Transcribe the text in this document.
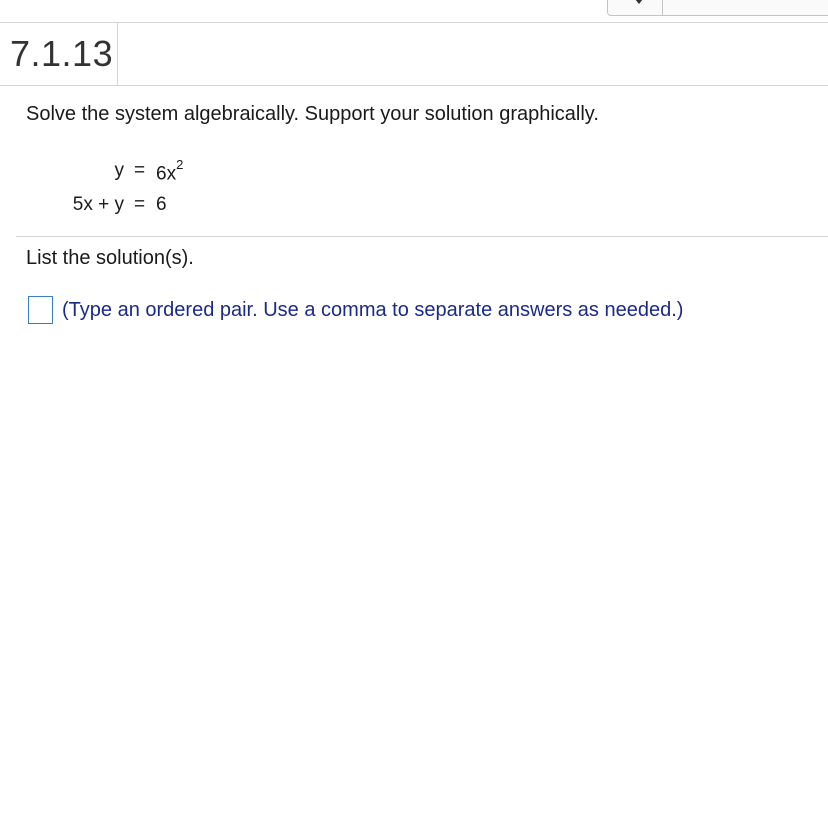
7.1.13
Solve the system algebraically. Support your solution graphically.
$y = 6x^2$
5x + y = 6
List the solution(s).
(Type an ordered pair. Use a comma to separate answers as needed.)
